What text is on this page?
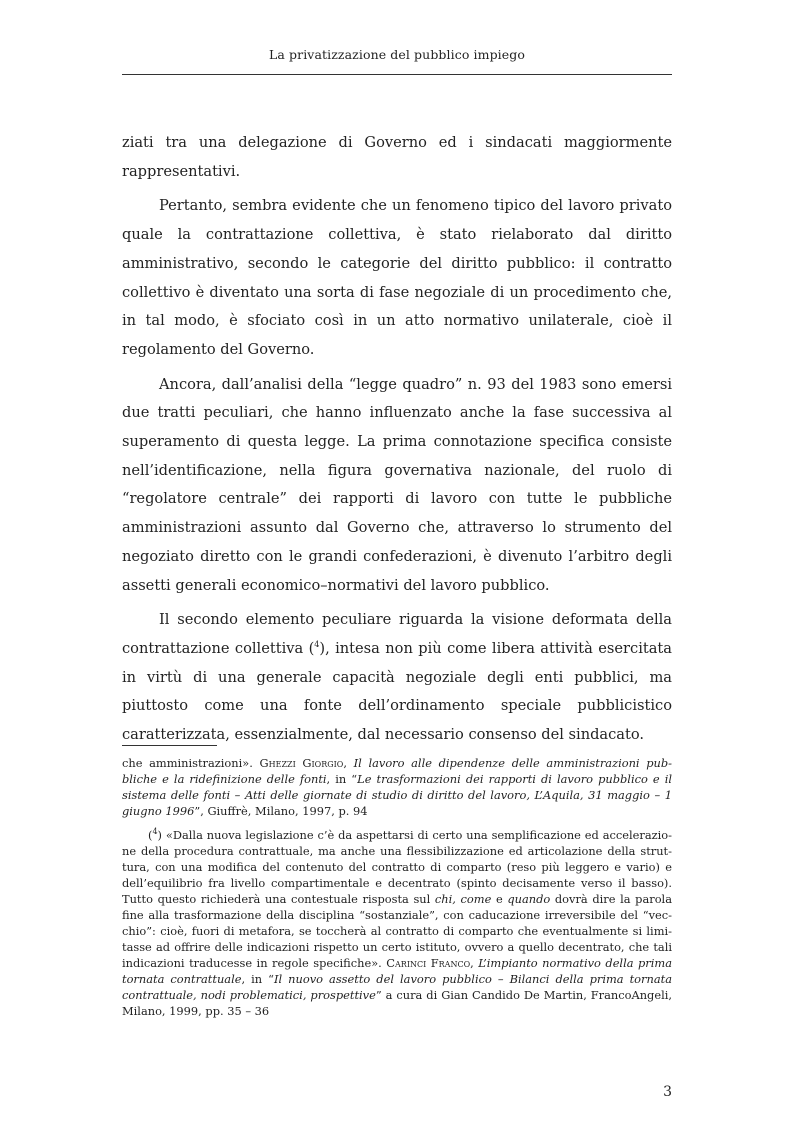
La privatizzazione del pubblico impiego

ziati tra una delegazione di Governo ed i sindacati maggiormente rappresentativi.

Pertanto, sembra evidente che un fenomeno tipico del lavoro privato quale la contrattazione collettiva, è stato rielaborato dal diritto amministrativo, secondo le categorie del diritto pubblico: il contratto collettivo è diventato una sorta di fase negoziale di un procedimento che, in tal modo, è sfociato così in un atto normativo unilaterale, cioè il regolamento del Governo.

Ancora, dall’analisi della “legge quadro” n. 93 del 1983 sono emersi due tratti peculiari, che hanno influenzato anche la fase successiva al superamento di questa legge. La prima connotazione specifica consiste nell’identificazione, nella figura governativa nazionale, del ruolo di “regolatore centrale” dei rapporti di lavoro con tutte le pubbliche amministrazioni assunto dal Governo che, attraverso lo strumento del negoziato diretto con le grandi confederazioni, è divenuto l’arbitro degli assetti generali economico–normativi del lavoro pubblico.

Il secondo elemento peculiare riguarda la visione deformata della contrattazione collettiva ($^4$), intesa non più come libera attività esercitata in virtù di una generale capacità negoziale degli enti pubblici, ma piuttosto come una fonte dell’ordinamento speciale pubblicistico caratterizzata, essenzialmente, dal necessario consenso del sindacato.

che amministrazioni». Ghezzi Giorgio, Il lavoro alle dipendenze delle amministrazioni pubbliche e la ridefinizione delle fonti, in “Le trasformazioni dei rapporti di lavoro pubblico e il sistema delle fonti – Atti delle giornate di studio di diritto del lavoro, L’Aquila, 31 maggio – 1 giugno 1996”, Giuffrè, Milano, 1997, p. 94

($^4$) «Dalla nuova legislazione c’è da aspettarsi di certo una semplificazione ed accelerazione della procedura contrattuale, ma anche una flessibilizzazione ed articolazione della struttura, con una modifica del contenuto del contratto di comparto (reso più leggero e vario) e dell’equilibrio fra livello compartimentale e decentrato (spinto decisamente verso il basso). Tutto questo richiederà una contestuale risposta sul chi, come e quando dovrà dire la parola fine alla trasformazione della disciplina “sostanziale”, con caducazione irreversibile del “vecchio”: cioè, fuori di metafora, se toccherà al contratto di comparto che eventualmente si limitasse ad offrire delle indicazioni rispetto un certo istituto, ovvero a quello decentrato, che tali indicazioni traducesse in regole specifiche». Carinci Franco, L’impianto normativo della prima tornata contrattuale, in “Il nuovo assetto del lavoro pubblico – Bilanci della prima tornata contrattuale, nodi problematici, prospettive” a cura di Gian Candido De Martin, FrancoAngeli, Milano, 1999, pp. 35 – 36

3
